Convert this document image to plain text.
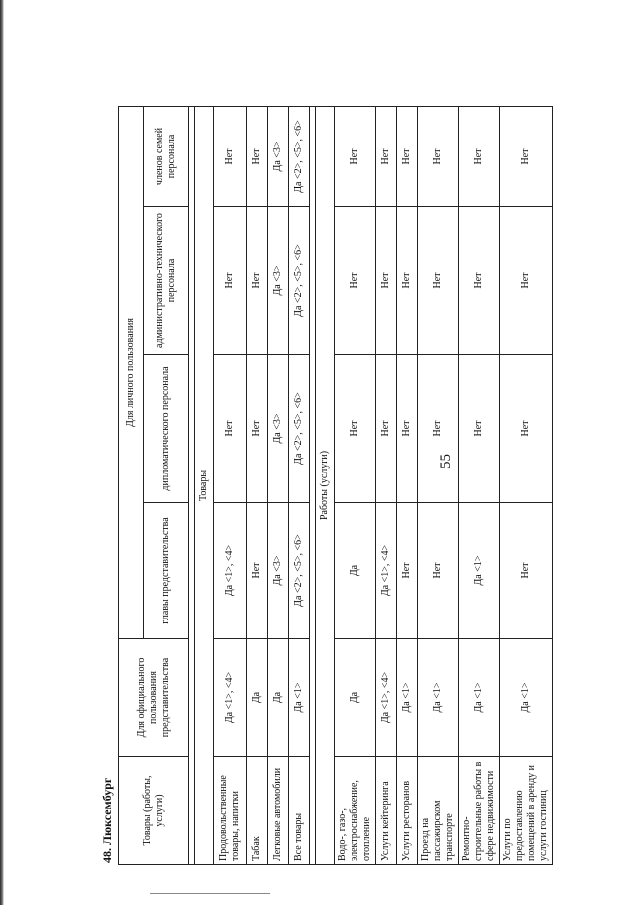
55
48. Люксембург	Товары (работы, услуги)	Для официального пользования представительства	Для личного пользования			
		главы представительства	дипломатического персонала	административно-технического персонала	членов семей персонала

Товары					
Продовольственные товары, напитки	Да <1>, <4>	Да <1>, <4>	Нет	Нет	Нет
Табак	Да	Нет	Нет	Нет	Нет
Легковые автомобили	Да	Да <3>	Да <3>	Да <3>	Да <3>
Все товары	Да <1>	Да <2>, <5>, <6>	Да <2>, <5>, <6>	Да <2>, <5>, <6>	Да <2>, <5>, <6>

Работы (услуги)					
Водо-, газо-, электроснабжение, отопление	Да	Да	Нет	Нет	Нет
Услуги кейтеринга	Да <1>, <4>	Да <1>, <4>	Нет	Нет	Нет
Услуги ресторанов	Да <1>	Нет	Нет	Нет	Нет
Проезд на пассажирском транспорте	Да <1>	Нет	Нет	Нет	Нет
Ремонтно-строительные работы в сфере недвижимости	Да <1>	Да <1>	Нет	Нет	Нет
Услуги по предоставлению помещений в аренду и услуги гостиниц	Да <1>	Нет	Нет	Нет	Нет
